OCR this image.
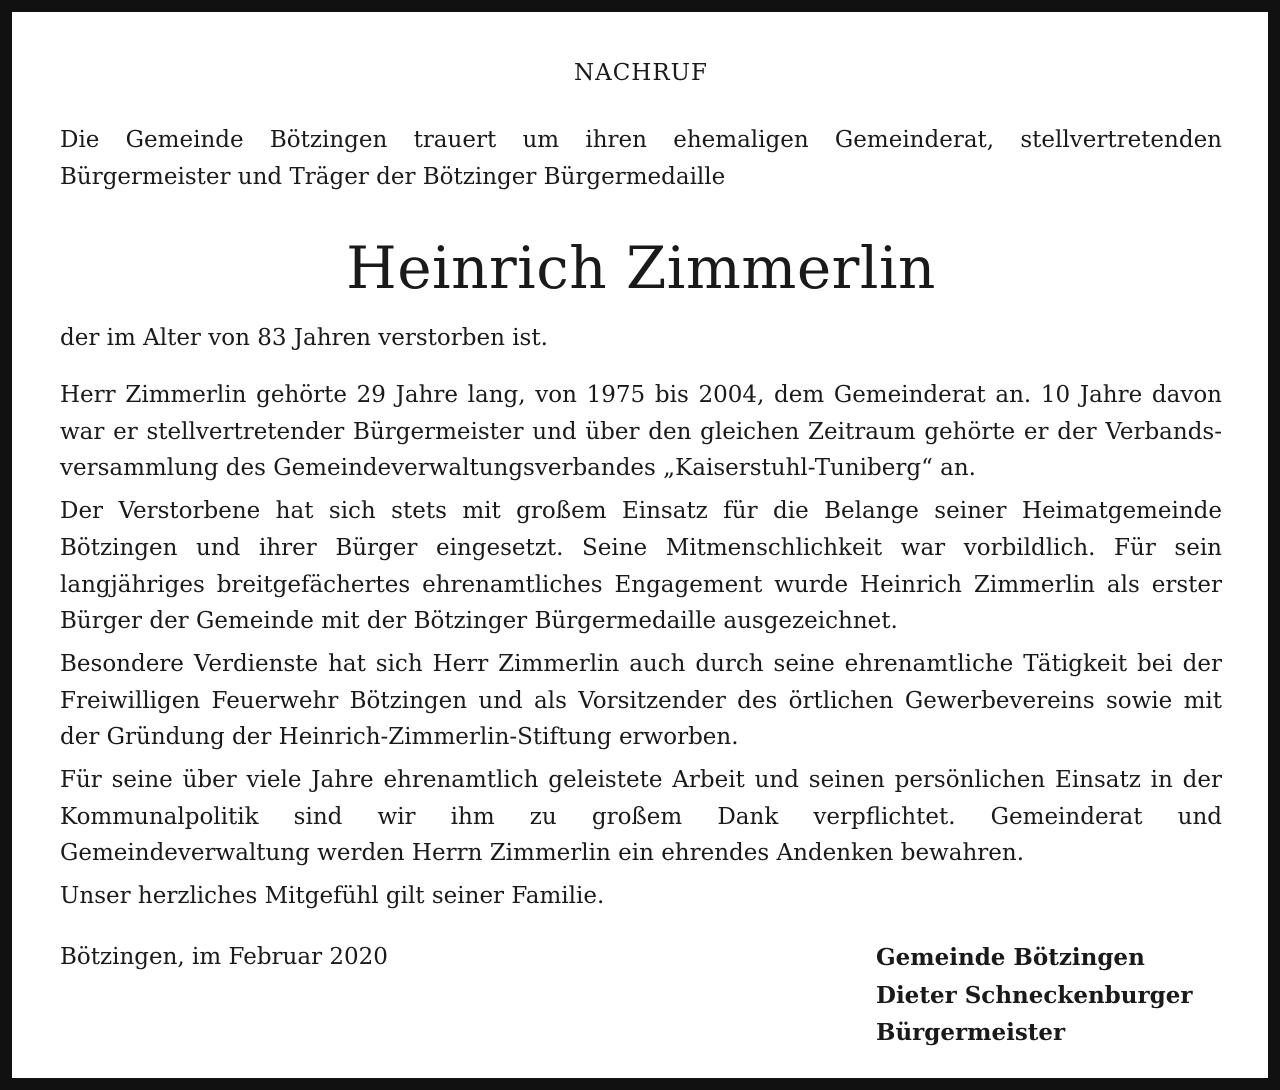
NACHRUF
Die Gemeinde Bötzingen trauert um ihren ehemaligen Gemeinderat, stellvertretenden Bürgermeister und Träger der Bötzinger Bürgermedaille
Heinrich Zimmerlin
der im Alter von 83 Jahren verstorben ist.

Herr Zimmerlin gehörte 29 Jahre lang, von 1975 bis 2004, dem Gemeinderat an. 10 Jahre davon war er stellvertretender Bürgermeister und über den gleichen Zeitraum gehörte er der Verbandsversammlung des Gemeindeverwaltungsverbandes „Kaiserstuhl-Tuniberg“ an.

Der Verstorbene hat sich stets mit großem Einsatz für die Belange seiner Heimatgemeinde Bötzingen und ihrer Bürger eingesetzt. Seine Mitmenschlichkeit war vorbildlich. Für sein langjähriges breitgefächertes ehrenamtliches Engagement wurde Heinrich Zimmerlin als erster Bürger der Gemeinde mit der Bötzinger Bürgermedaille ausgezeichnet.

Besondere Verdienste hat sich Herr Zimmerlin auch durch seine ehrenamtliche Tätigkeit bei der Freiwilligen Feuerwehr Bötzingen und als Vorsitzender des örtlichen Gewerbevereins sowie mit der Gründung der Heinrich-Zimmerlin-Stiftung erworben.

Für seine über viele Jahre ehrenamtlich geleistete Arbeit und seinen persönlichen Einsatz in der Kommunalpolitik sind wir ihm zu großem Dank verpflichtet. Gemeinderat und Gemeindeverwaltung werden Herrn Zimmerlin ein ehrendes Andenken bewahren.

Unser herzliches Mitgefühl gilt seiner Familie.

Bötzingen, im Februar 2020	Gemeinde Bötzingen
Dieter Schneckenburger
Bürgermeister
